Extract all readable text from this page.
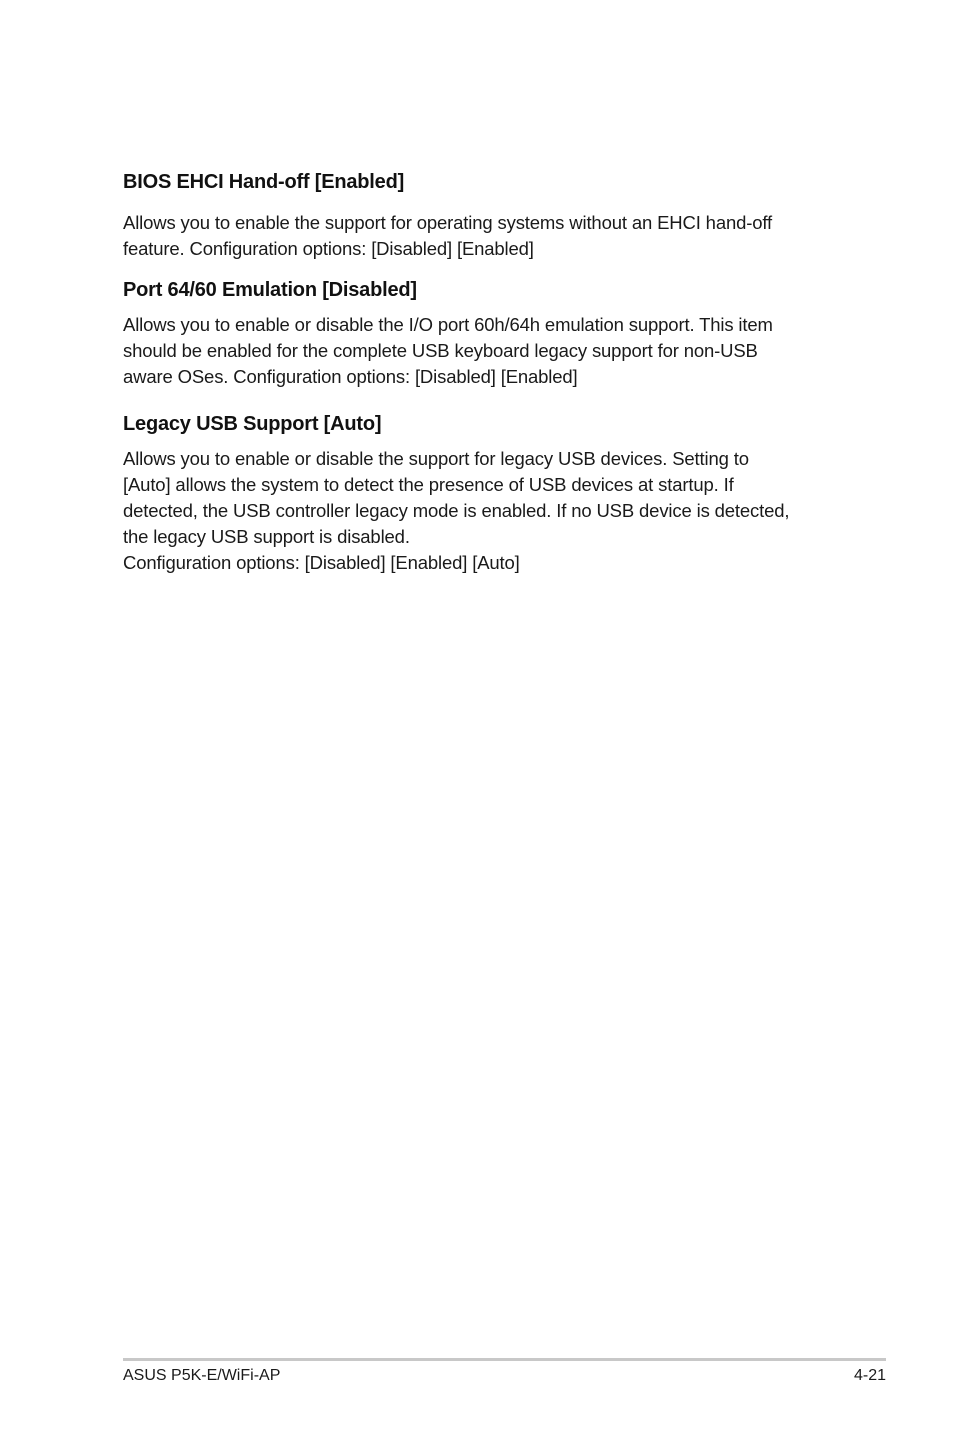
BIOS EHCI Hand-off [Enabled]

Allows you to enable the support for operating systems without an EHCI hand-off
feature. Configuration options: [Disabled] [Enabled]

Port 64/60 Emulation [Disabled]

Allows you to enable or disable the I/O port 60h/64h emulation support. This item
should be enabled for the complete USB keyboard legacy support for non-USB
aware OSes. Configuration options: [Disabled] [Enabled]

Legacy USB Support [Auto]

Allows you to enable or disable the support for legacy USB devices. Setting to
[Auto] allows the system to detect the presence of USB devices at startup. If
detected, the USB controller legacy mode is enabled. If no USB device is detected,
the legacy USB support is disabled.
Configuration options: [Disabled] [Enabled] [Auto]

ASUS P5K-E/WiFi-AP	4-21
